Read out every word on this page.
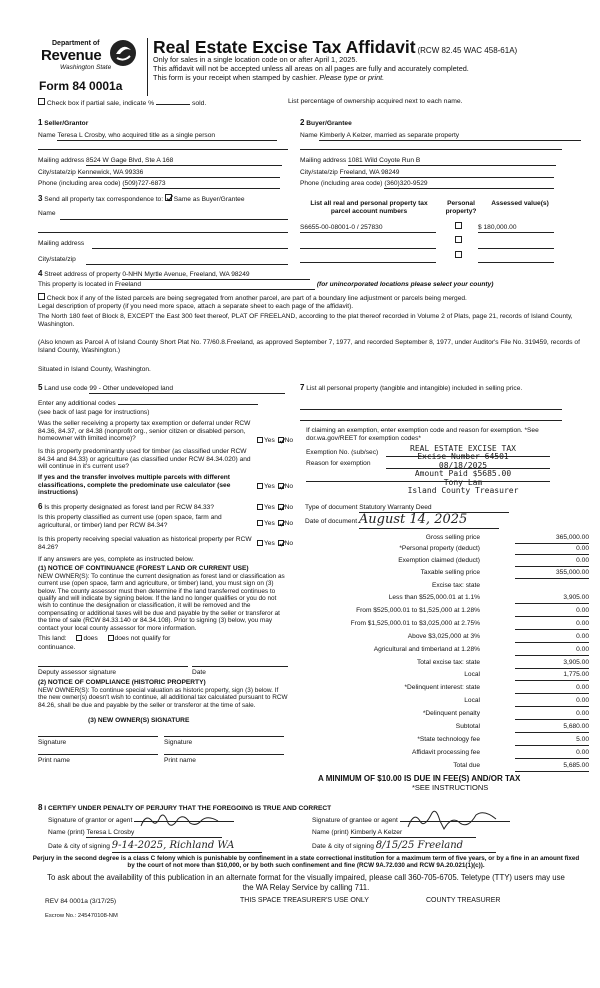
Department of
Revenue
Washington State
Form 84 0001a
Real Estate Excise Tax Affidavit (RCW 82.45 WAC 458-61A)
Only for sales in a single location code on or after April 1, 2025.
This affidavit will not be accepted unless all areas on all pages are fully and accurately completed.
This form is your receipt when stamped by cashier. Please type or print.
Check box if partial sale, indicate %	sold.	List percentage of ownership acquired next to each name.
1 Seller/Grantor
Name Teresa L Crosby, who acquired title as a single person
Mailing address 8524 W Gage Blvd, Ste A 168
City/state/zip Kennewick, WA 99336
Phone (including area code) (509)727-6873
2 Buyer/Grantee
Name Kimberly A Kelzer, married as separate property
Mailing address 1081 Wild Coyote Run B
City/state/zip Freeland, WA 98249
Phone (including area code) (360)320-9529
3 Send all property tax correspondence to: Same as Buyer/Grantee
Name
Mailing address
City/state/zip
List all real and personal property tax parcel account numbers
Personal property?
Assessed value(s)
S6655-00-08001-0 / 257830	$ 180,000.00
4 Street address of property 0-NHN Myrtle Avenue, Freeland, WA 98249
This property is located in Freeland	(for unincorporated locations please select your county)
Check box if any of the listed parcels are being segregated from another parcel, are part of a boundary line adjustment or parcels being merged.
Legal description of property (if you need more space, attach a separate sheet to each page of the affidavit).
The North 180 feet of Block 8, EXCEPT the East 300 feet thereof, PLAT OF FREELAND, according to the plat thereof recorded in Volume 2 of Plats, page 21, records of Island County, Washington.
(Also known as Parcel A of Island County Short Plat No. 77/60.8.Freeland, as approved September 7, 1977, and recorded September 8, 1977, under Auditor's File No. 319459, records of Island County, Washington.)
Situated in Island County, Washington.
5 Land use code 99 - Other undeveloped land
Enter any additional codes
(see back of last page for instructions)
Was the seller receiving a property tax exemption or deferral under RCW 84.36, 84.37, or 84.38 (nonprofit org., senior citizen or disabled person, homeowner with limited income)?	Yes No
Is this property predominantly used for timber (as classified under RCW 84.34 and 84.33) or agriculture (as classified under RCW 84.34.020) and will continue in it's current use?
If yes and the transfer involves multiple parcels with different classifications, complete the predominate use calculator (see instructions)
Yes No
6 Is this property designated as forest land per RCW 84.33?	Yes No
Is this property classified as current use (open space, farm and agricultural, or timber) land per RCW 84.34?	Yes No
Is this property receiving special valuation as historical property per RCW 84.26?
Yes No
If any answers are yes, complete as instructed below.
(1) NOTICE OF CONTINUANCE (FOREST LAND OR CURRENT USE)
NEW OWNER(S): To continue the current designation as forest land or classification as current use (open space, farm and agriculture, or timber) land, you must sign on (3) below. The county assessor must then determine if the land transferred continues to qualify and will indicate by signing below. If the land no longer qualifies or you do not wish to continue the designation or classification, it will be removed and the compensating or additional taxes will be due and payable by the seller or transferor at the time of sale (RCW 84.33.140 or 84.34.108). Prior to signing (3) below, you may contact your local county assessor for more information.
This land:	does	does not qualify for
continuance.
Deputy assessor signature	Date
(2) NOTICE OF COMPLIANCE (HISTORIC PROPERTY)
NEW OWNER(S): To continue special valuation as historic property, sign (3) below. If the new owner(s) doesn't wish to continue, all additional tax calculated pursuant to RCW 84.26, shall be due and payable by the seller or transferor at the time of sale.
(3) NEW OWNER(S) SIGNATURE
Signature	Signature
Print name	Print name
7 List all personal property (tangible and intangible) included in selling price.
If claiming an exemption, enter exemption code and reason for exemption. *See dor.wa.gov/REET for exemption codes*
Exemption No. (sub/sec)
Reason for exemption
REAL ESTATE EXCISE TAX
Excise Number 64501
08/18/2025
Amount Paid $5685.00
Tony Lam
Island County Treasurer
Type of document Statutory Warranty Deed
Date of document August 14, 2025
Gross selling price	365,000.00
*Personal property (deduct)	0.00
Exemption claimed (deduct)	0.00
Taxable selling price	355,000.00
Excise tax: state
Less than $525,000.01 at 1.1%	3,905.00
From $525,000.01 to $1,525,000 at 1.28%	0.00
From $1,525,000.01 to $3,025,000 at 2.75%	0.00
Above $3,025,000 at 3%	0.00
Agricultural and timberland at 1.28%	0.00
Total excise tax: state	3,905.00
Local	1,775.00
*Delinquent interest: state	0.00
Local	0.00
*Delinquent penalty	0.00
Subtotal	5,680.00
*State technology fee	5.00
Affidavit processing fee	0.00
Total due	5,685.00
A MINIMUM OF $10.00 IS DUE IN FEE(S) AND/OR TAX
*SEE INSTRUCTIONS
8 I CERTIFY UNDER PENALTY OF PERJURY THAT THE FOREGOING IS TRUE AND CORRECT
Signature of grantor or agent
Name (print) Teresa L Crosby
Date & city of signing 9-14-2025, Richland WA
Signature of grantee or agent
Name (print) Kimberly A Kelzer
Date & city of signing 8/15/25 Freeland
Perjury in the second degree is a class C felony which is punishable by confinement in a state correctional institution for a maximum term of five years, or by a fine in an amount fixed by the court of not more than $10,000, or by both such confinement and fine (RCW 9A.72.030 and RCW 9A.20.021(1)(c)).
To ask about the availability of this publication in an alternate format for the visually impaired, please call 360-705-6705. Teletype (TTY) users may use the WA Relay Service by calling 711.
REV 84 0001a (3/17/25)	THIS SPACE TREASURER'S USE ONLY	COUNTY TREASURER
Escrow No.: 245470108-NM
